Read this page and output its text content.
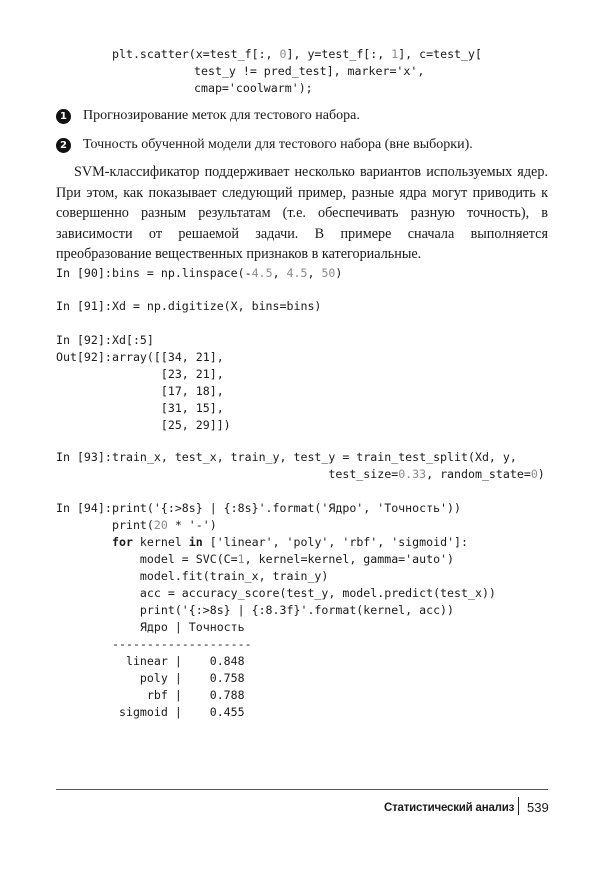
plt.scatter(x=test_f[:, 0], y=test_f[:, 1], c=test_y[
test_y != pred_test], marker='x',
cmap='coolwarm');
1 Прогнозирование меток для тестового набора.
2 Точность обученной модели для тестового набора (вне выборки).
SVM-классификатор поддерживает несколько вариантов используемых ядер. При этом, как показывает следующий пример, разные ядра могут приводить к совершенно разным результатам (т.е. обеспечивать разную точность), в зависимости от решаемой задачи. В примере сначала выполняется преобразование вещественных признаков в категориальные.
In [90]: bins = np.linspace(-4.5, 4.5, 50)
In [91]: Xd = np.digitize(X, bins=bins)
In [92]: Xd[:5]
Out[92]: array([[34, 21],
[23, 21],
[17, 18],
[31, 15],
[25, 29]])
In [93]: train_x, test_x, train_y, test_y = train_test_split(Xd, y,
test_size=0.33, random_state=0)
In [94]: print('{:>8s} | {:8s}'.format('Ядро', 'Точность'))
print(20 * '-')
for kernel in ['linear', 'poly', 'rbf', 'sigmoid']:
model = SVC(C=1, kernel=kernel, gamma='auto')
model.fit(train_x, train_y)
acc = accuracy_score(test_y, model.predict(test_x))
print('{:>8s} | {:8.3f}'.format(kernel, acc))
Ядро | Точность
--------------------
linear |    0.848
poly |    0.758
rbf |    0.788
sigmoid |    0.455
Статистический анализ 539
